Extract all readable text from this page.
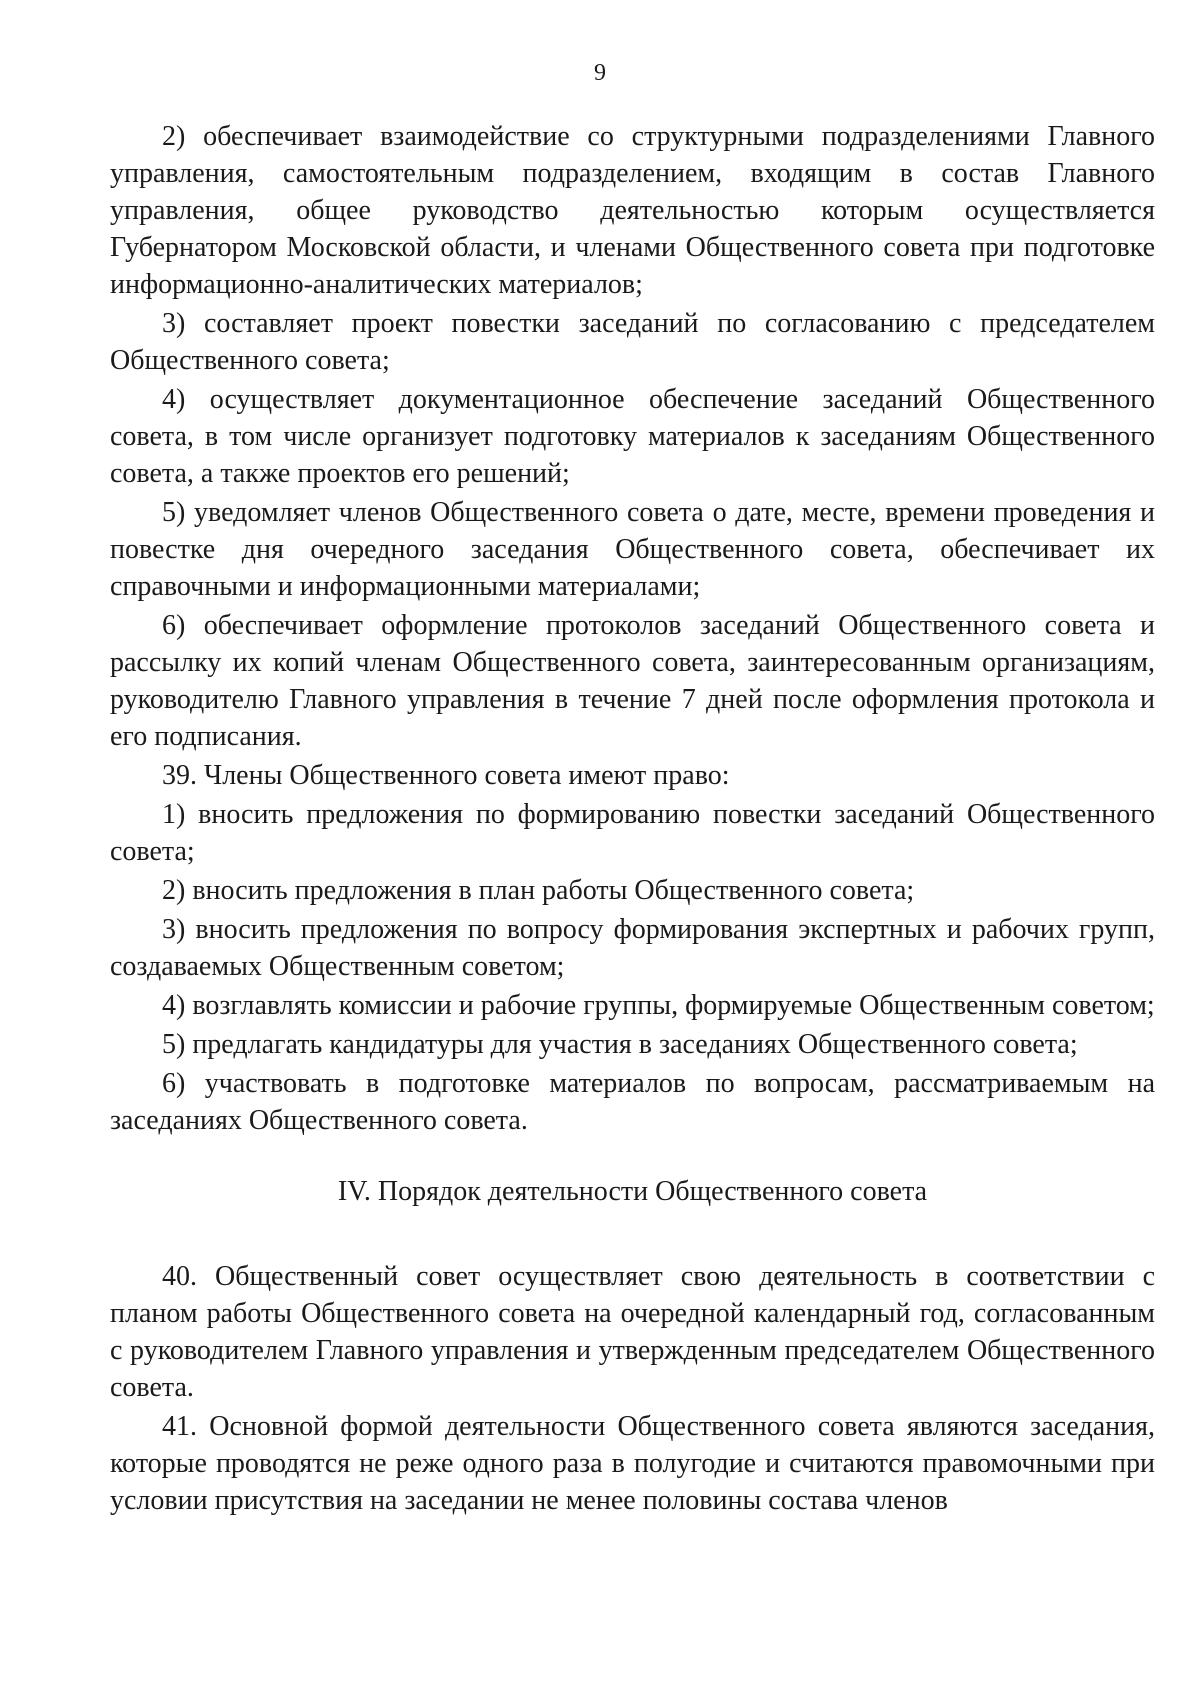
9

2) обеспечивает взаимодействие со структурными подразделениями Главного управления, самостоятельным подразделением, входящим в состав Главного управления, общее руководство деятельностью которым осуществляется Губернатором Московской области, и членами Общественного совета при подготовке информационно-аналитических материалов;

3) составляет проект повестки заседаний по согласованию с председателем Общественного совета;

4) осуществляет документационное обеспечение заседаний Общественного совета, в том числе организует подготовку материалов к заседаниям Общественного совета, а также проектов его решений;

5) уведомляет членов Общественного совета о дате, месте, времени проведения и повестке дня очередного заседания Общественного совета, обеспечивает их справочными и информационными материалами;

6) обеспечивает оформление протоколов заседаний Общественного совета и рассылку их копий членам Общественного совета, заинтересованным организациям, руководителю Главного управления в течение 7 дней после оформления протокола и его подписания.

39. Члены Общественного совета имеют право:

1) вносить предложения по формированию повестки заседаний Общественного совета;

2) вносить предложения в план работы Общественного совета;

3) вносить предложения по вопросу формирования экспертных и рабочих групп, создаваемых Общественным советом;

4) возглавлять комиссии и рабочие группы, формируемые Общественным советом;

5) предлагать кандидатуры для участия в заседаниях Общественного совета;

6) участвовать в подготовке материалов по вопросам, рассматриваемым на заседаниях Общественного совета.

IV. Порядок деятельности Общественного совета

40. Общественный совет осуществляет свою деятельность в соответствии с планом работы Общественного совета на очередной календарный год, согласованным с руководителем Главного управления и утвержденным председателем Общественного совета.

41. Основной формой деятельности Общественного совета являются заседания, которые проводятся не реже одного раза в полугодие и считаются правомочными при условии присутствия на заседании не менее половины состава членов
